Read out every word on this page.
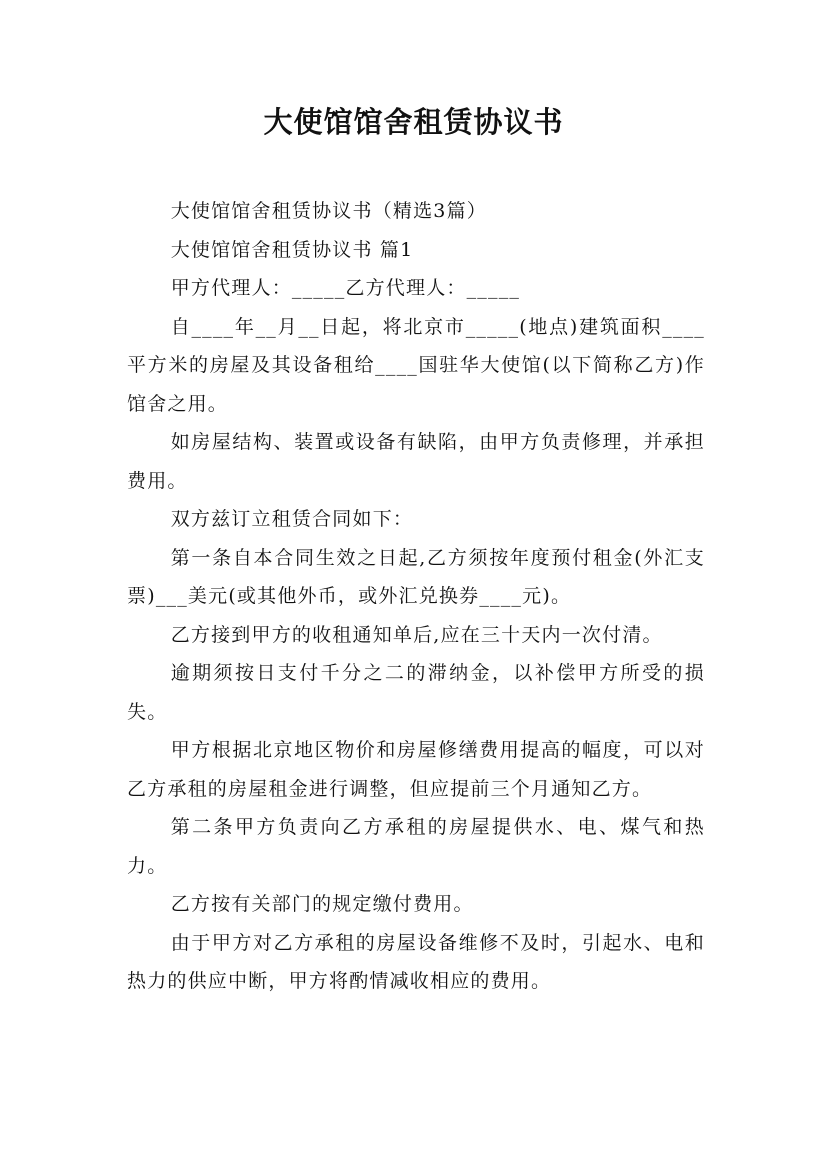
大使馆馆舍租赁协议书

大使馆馆舍租赁协议书（精选3篇）

大使馆馆舍租赁协议书 篇1

甲方代理人：_____乙方代理人：_____

自____年__月__日起，将北京市_____(地点)建筑面积____平方米的房屋及其设备租给____国驻华大使馆(以下简称乙方)作馆舍之用。

如房屋结构、装置或设备有缺陷，由甲方负责修理，并承担费用。

双方兹订立租赁合同如下：

第一条自本合同生效之日起,乙方须按年度预付租金(外汇支票)___美元(或其他外币，或外汇兑换券____元)。

乙方接到甲方的收租通知单后,应在三十天内一次付清。

逾期须按日支付千分之二的滞纳金，以补偿甲方所受的损失。

甲方根据北京地区物价和房屋修缮费用提高的幅度，可以对乙方承租的房屋租金进行调整，但应提前三个月通知乙方。

第二条甲方负责向乙方承租的房屋提供水、电、煤气和热力。

乙方按有关部门的规定缴付费用。

由于甲方对乙方承租的房屋设备维修不及时，引起水、电和热力的供应中断，甲方将酌情减收相应的费用。
